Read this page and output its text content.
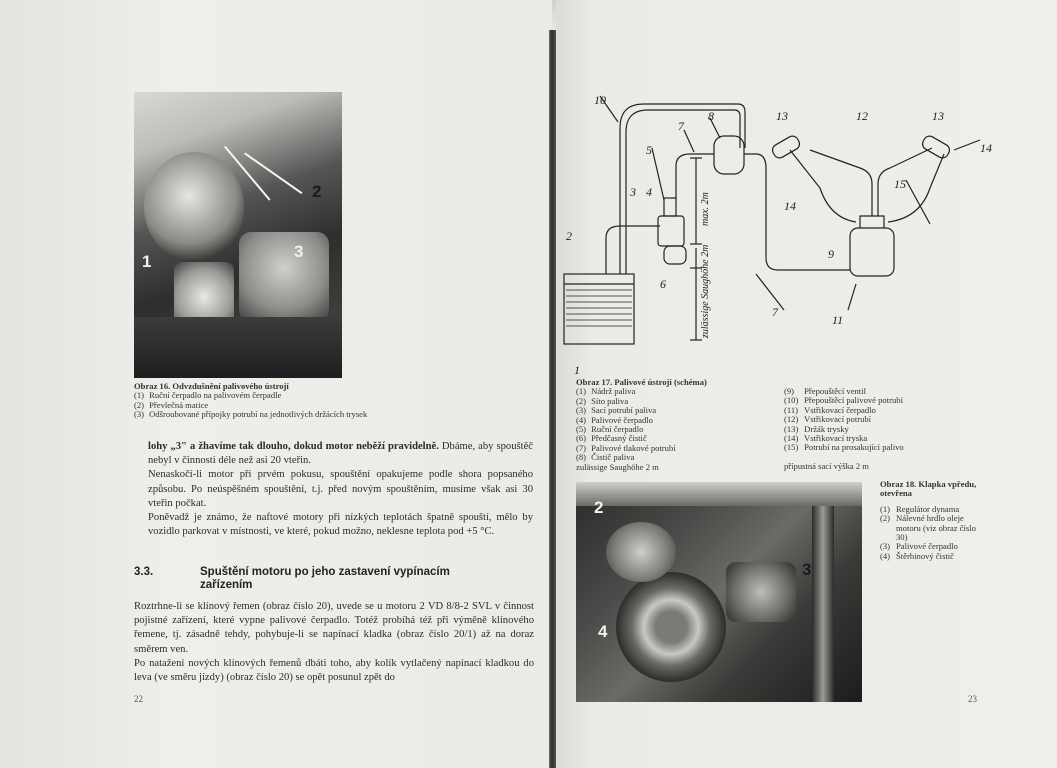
1
2
3
Obraz 16. Odvzdušnění palivového ústrojí
(1) Ruční čerpadlo na palivovém čerpadle
(2) Převlečná matice
(3) Odšroubované přípojky potrubí na jednotlivých držácích trysek

lohy „3" a žhavíme tak dlouho, dokud motor neběží pravidelně. Dbáme, aby spouštěč nebyl v činnosti déle než asi 20 vteřin.

Nenaskočí-li motor při prvém pokusu, spouštění opakujeme podle shora popsaného způsobu. Po neúspěšném spouštění, t.j. před novým spouštěním, musíme však asi 30 vteřin počkat.

Poněvadž je známo, že naftové motory při nízkých teplotách špatně spouští, mělo by vozidlo parkovat v místnosti, ve které, pokud možno, neklesne teplota pod +5 °C.

3.3.	Spuštění motoru po jeho zastavení vypínacím
zařízením

Roztrhne-li se klínový řemen (obraz číslo 20), uvede se u motoru 2 VD 8/8-2 SVL v činnost pojistné zařízení, které vypne palivové čerpadlo. Totéž probíhá též při výměně klínového řemene, tj. zásadně tehdy, pohybuje-li se napínací kladka (obraz číslo 20/1) až na doraz směrem ven.

Po natažení nových klínových řemenů dbáti toho, aby kolík vytlačený napínací kladkou do leva (ve směru jízdy) (obraz číslo 20) se opět posunul zpět do

22
10
7
8
5
3 4
2
1
6
13	12	13
14
14
15
9
7
11
max. 2m
zulässige Saughöhe 2m
Obraz 17. Palivové ústrojí (schéma)
(1) Nádrž paliva
(2) Síto paliva
(3) Sací potrubí paliva
(4) Palivové čerpadlo
(5) Ruční čerpadlo
(6) Předčasný čistič
(7) Palivové tlakové potrubí
(8) Čistič paliva
zulässige Saughöhe 2 m
(9) Přepouštěcí ventil
(10) Přepouštěcí palivové potrubí
(11) Vstřikovací čerpadlo
(12) Vstřikovací potrubí
(13) Držák trysky
(14) Vstřikovací tryska
(15) Potrubí na prosakující palivo
přípustná sací výška 2 m
2
3
4
Obraz 18. Klapka vpředu,
otevřena
(1) Regulátor dynama
(2) Nálevné hrdlo oleje motoru (viz obraz číslo 30)
(3) Palivové čerpadlo
(4) Štěrbinový čistič
23
